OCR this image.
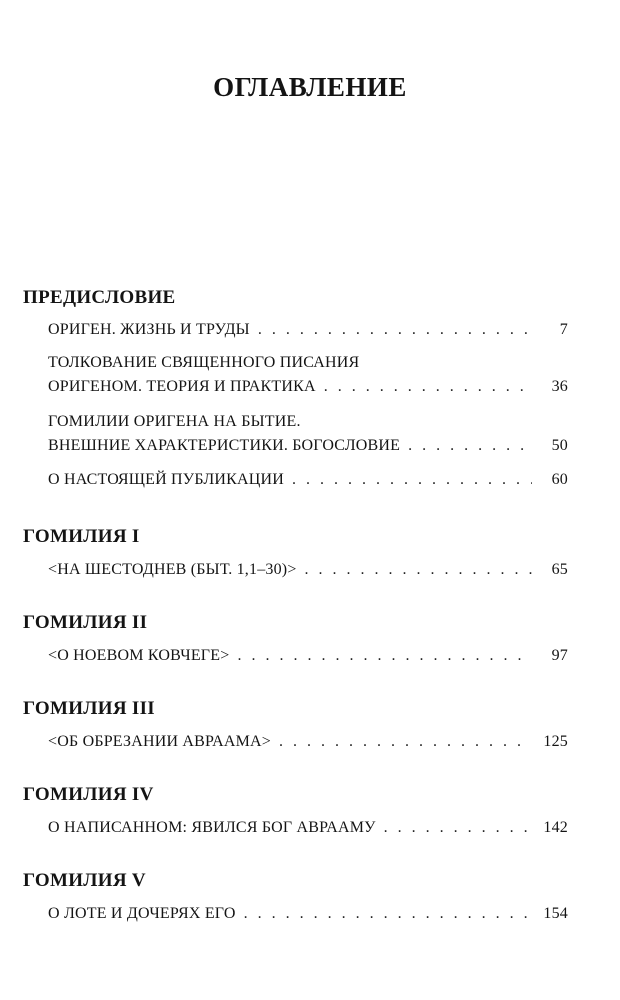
ОГЛАВЛЕНИЕ
ПРЕДИСЛОВИЕ
ОРИГЕН. ЖИЗНЬ И ТРУДЫ . . .	7
ТОЛКОВАНИЕ СВЯЩЕННОГО ПИСАНИЯ
ОРИГЕНОМ. ТЕОРИЯ И ПРАКТИКА . . .	36
ГОМИЛИИ ОРИГЕНА НА БЫТИЕ.
ВНЕШНИЕ ХАРАКТЕРИСТИКИ. БОГОСЛОВИЕ . . .	50
О НАСТОЯЩЕЙ ПУБЛИКАЦИИ . . .	60
ГОМИЛИЯ I
<НА ШЕСТОДНЕВ (БЫТ. 1,1–30)> . . .	65
ГОМИЛИЯ II
<О НОЕВОМ КОВЧЕГЕ> . . .	97
ГОМИЛИЯ III
<ОБ ОБРЕЗАНИИ АВРААМА> . . .	125
ГОМИЛИЯ IV
О НАПИСАННОМ: ЯВИЛСЯ БОГ АВРААМУ . . .	142
ГОМИЛИЯ V
О ЛОТЕ И ДОЧЕРЯХ ЕГО . . .	154
